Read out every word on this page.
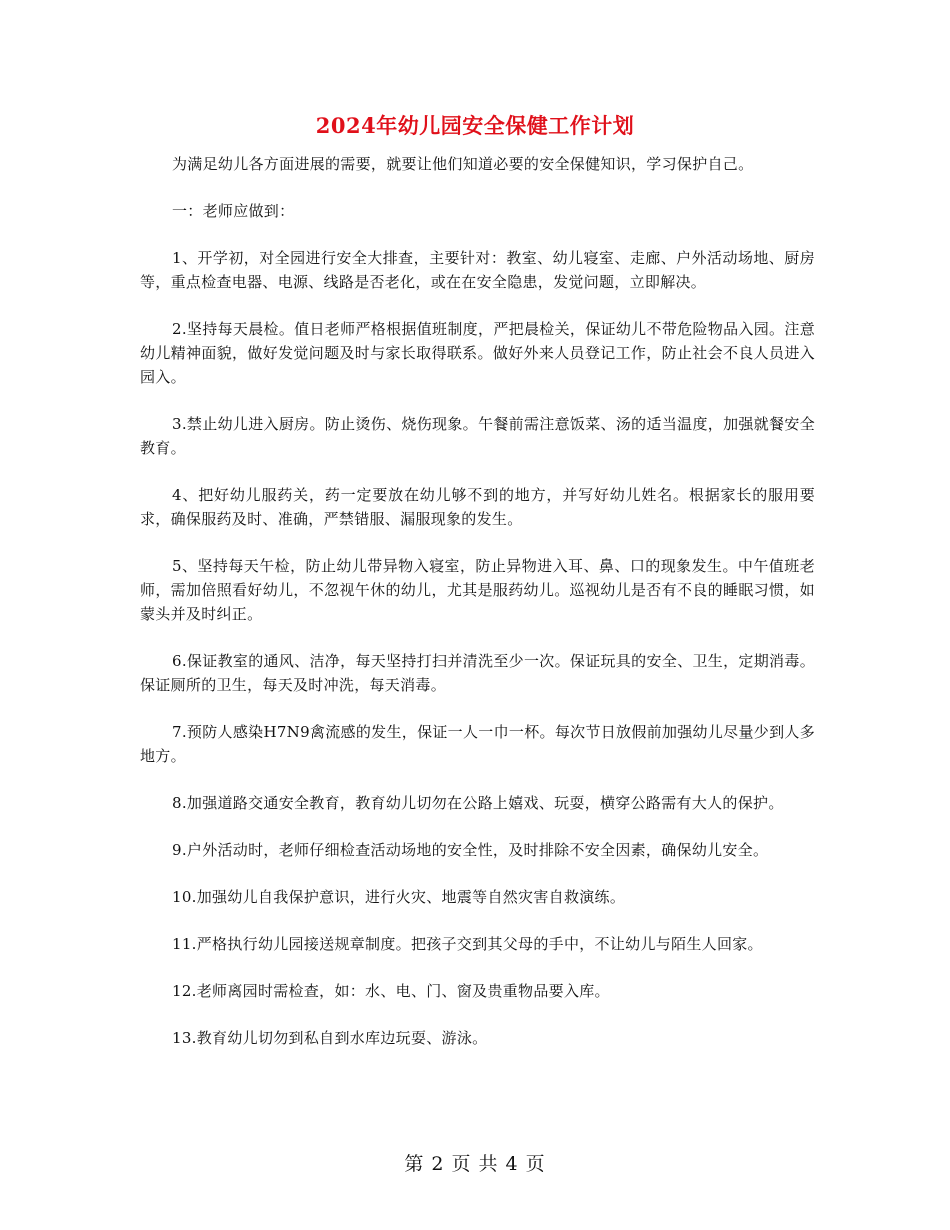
2024年幼儿园安全保健工作计划

为满足幼儿各方面进展的需要，就要让他们知道必要的安全保健知识，学习保护自己。

一：老师应做到：

1、开学初，对全园进行安全大排查，主要针对：教室、幼儿寝室、走廊、户外活动场地、厨房等，重点检查电器、电源、线路是否老化，或在在安全隐患，发觉问题，立即解决。

2.坚持每天晨检。值日老师严格根据值班制度，严把晨检关，保证幼儿不带危险物品入园。注意幼儿精神面貌，做好发觉问题及时与家长取得联系。做好外来人员登记工作，防止社会不良人员进入园入。

3.禁止幼儿进入厨房。防止烫伤、烧伤现象。午餐前需注意饭菜、汤的适当温度，加强就餐安全教育。

4、把好幼儿服药关，药一定要放在幼儿够不到的地方，并写好幼儿姓名。根据家长的服用要求，确保服药及时、准确，严禁错服、漏服现象的发生。

5、坚持每天午检，防止幼儿带异物入寝室，防止异物进入耳、鼻、口的现象发生。中午值班老师，需加倍照看好幼儿，不忽视午休的幼儿，尤其是服药幼儿。巡视幼儿是否有不良的睡眠习惯，如蒙头并及时纠正。

6.保证教室的通风、洁净，每天坚持打扫并清洗至少一次。保证玩具的安全、卫生，定期消毒。保证厕所的卫生，每天及时冲洗，每天消毒。

7.预防人感染H7N9禽流感的发生，保证一人一巾一杯。每次节日放假前加强幼儿尽量少到人多地方。

8.加强道路交通安全教育，教育幼儿切勿在公路上嬉戏、玩耍，横穿公路需有大人的保护。

9.户外活动时，老师仔细检查活动场地的安全性，及时排除不安全因素，确保幼儿安全。

10.加强幼儿自我保护意识，进行火灾、地震等自然灾害自救演练。

11.严格执行幼儿园接送规章制度。把孩子交到其父母的手中，不让幼儿与陌生人回家。

12.老师离园时需检查，如：水、电、门、窗及贵重物品要入库。

13.教育幼儿切勿到私自到水库边玩耍、游泳。

第 2 页 共 4 页
